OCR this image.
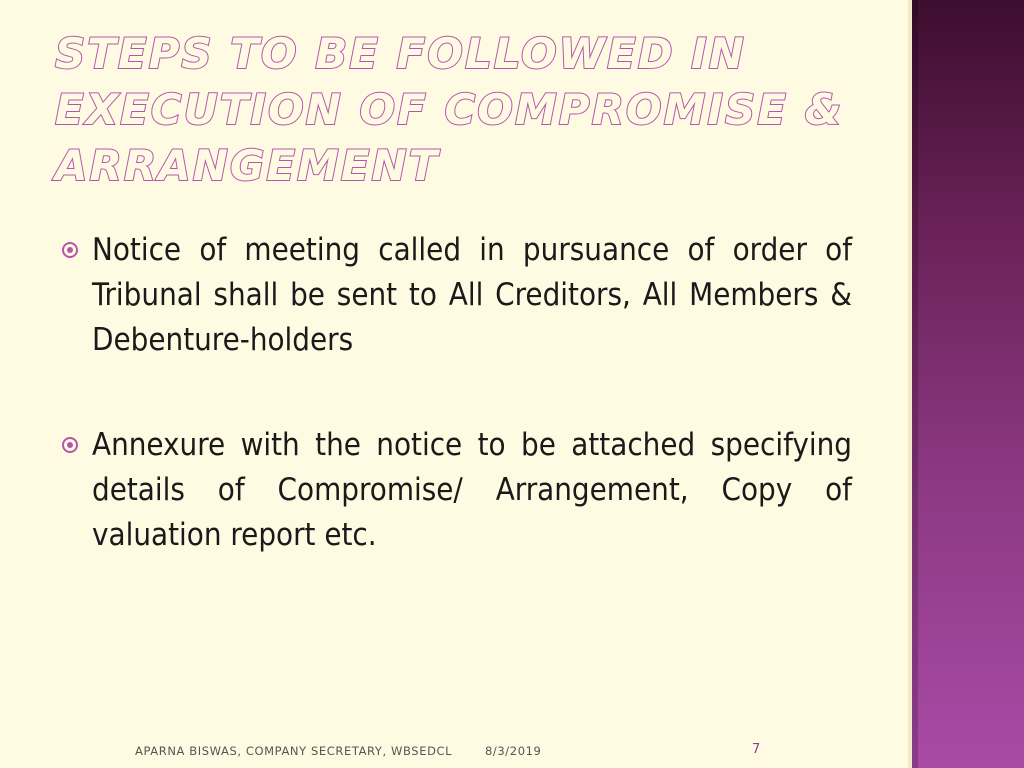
STEPS TO BE FOLLOWED IN EXECUTION OF COMPROMISE & ARRANGEMENT
Notice of meeting called in pursuance of order of Tribunal shall be sent to All Creditors, All Members & Debenture-holders
Annexure with the notice to be attached specifying details of Compromise/ Arrangement, Copy of valuation report etc.
APARNA BISWAS, COMPANY SECRETARY, WBSEDCL	8/3/2019	7
